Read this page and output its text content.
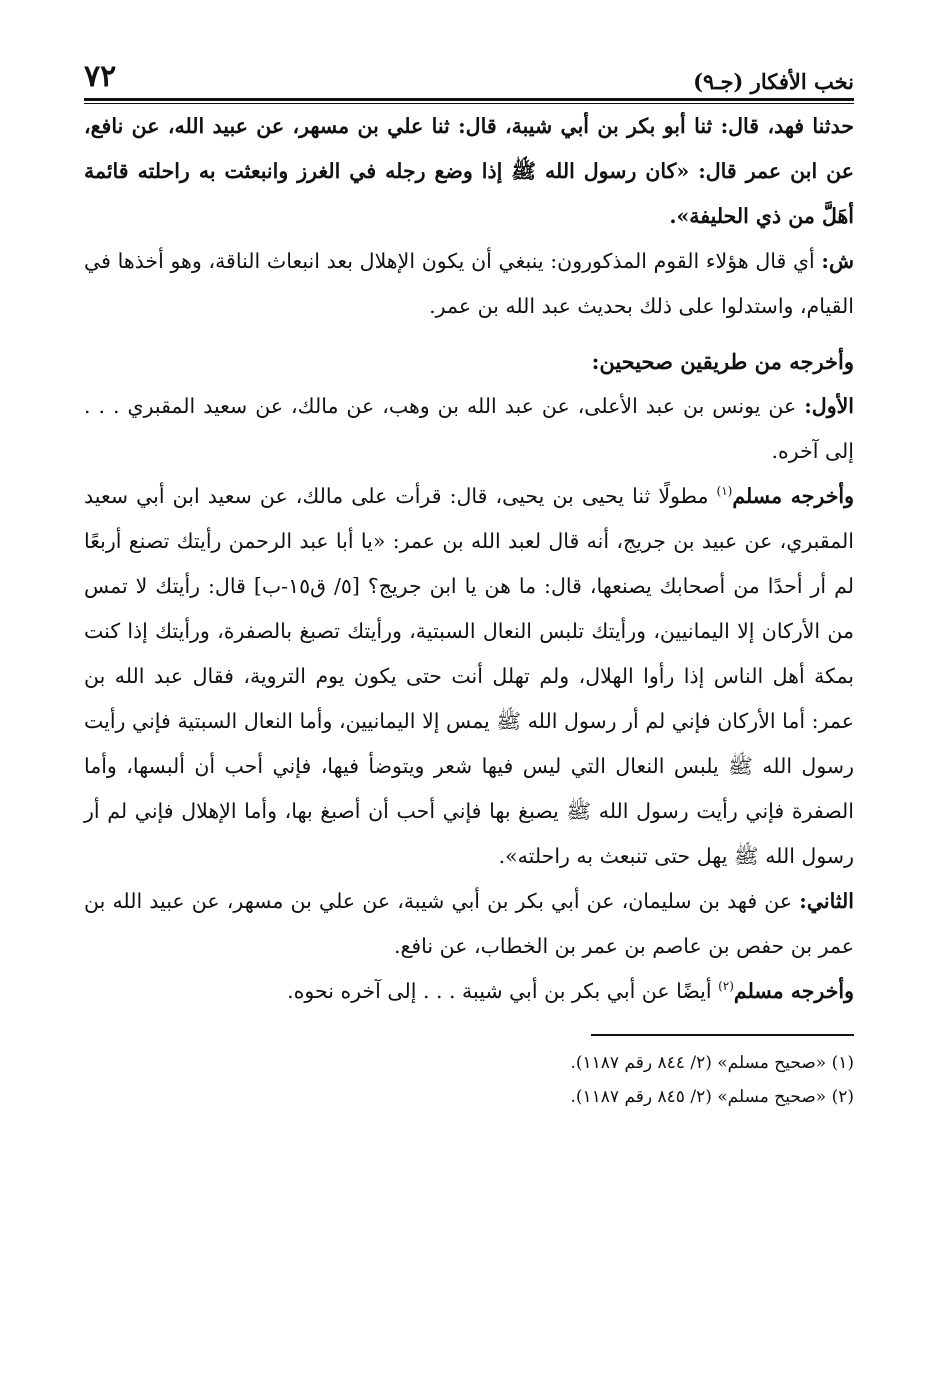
نخب الأفكار (جـ٩)
٧٢

حدثنا فهد، قال: ثنا أبو بكر بن أبي شيبة، قال: ثنا علي بن مسهر، عن عبيد الله، عن نافع، عن ابن عمر قال: «كان رسول الله ﷺ إذا وضع رجله في الغرز وانبعثت به راحلته قائمة أهَلَّ من ذي الحليفة».

ش: أي قال هؤلاء القوم المذكورون: ينبغي أن يكون الإهلال بعد انبعاث الناقة، وهو أخذها في القيام، واستدلوا على ذلك بحديث عبد الله بن عمر.

وأخرجه من طريقين صحيحين:

الأول: عن يونس بن عبد الأعلى، عن عبد الله بن وهب، عن مالك، عن سعيد المقبري . . . إلى آخره.

وأخرجه مسلم$^{(١)}$ مطولًا ثنا يحيى بن يحيى، قال: قرأت على مالك، عن سعيد ابن أبي سعيد المقبري، عن عبيد بن جريج، أنه قال لعبد الله بن عمر: «يا أبا عبد الرحمن رأيتك تصنع أربعًا لم أر أحدًا من أصحابك يصنعها، قال: ما هن يا ابن جريج؟ [٥/ ق١٥-ب] قال: رأيتك لا تمس من الأركان إلا اليمانيين، ورأيتك تلبس النعال السبتية، ورأيتك تصبغ بالصفرة، ورأيتك إذا كنت بمكة أهل الناس إذا رأوا الهلال، ولم تهلل أنت حتى يكون يوم التروية، فقال عبد الله بن عمر: أما الأركان فإني لم أر رسول الله ﷺ يمس إلا اليمانيين، وأما النعال السبتية فإني رأيت رسول الله ﷺ يلبس النعال التي ليس فيها شعر ويتوضأ فيها، فإني أحب أن ألبسها، وأما الصفرة فإني رأيت رسول الله ﷺ يصبغ بها فإني أحب أن أصبغ بها، وأما الإهلال فإني لم أر رسول الله ﷺ يهل حتى تنبعث به راحلته».

الثاني: عن فهد بن سليمان، عن أبي بكر بن أبي شيبة، عن علي بن مسهر، عن عبيد الله بن عمر بن حفص بن عاصم بن عمر بن الخطاب، عن نافع.

وأخرجه مسلم$^{(٢)}$ أيضًا عن أبي بكر بن أبي شيبة . . . إلى آخره نحوه.

(١) «صحيح مسلم» (٢/ ٨٤٤ رقم ١١٨٧).
(٢) «صحيح مسلم» (٢/ ٨٤٥ رقم ١١٨٧).
